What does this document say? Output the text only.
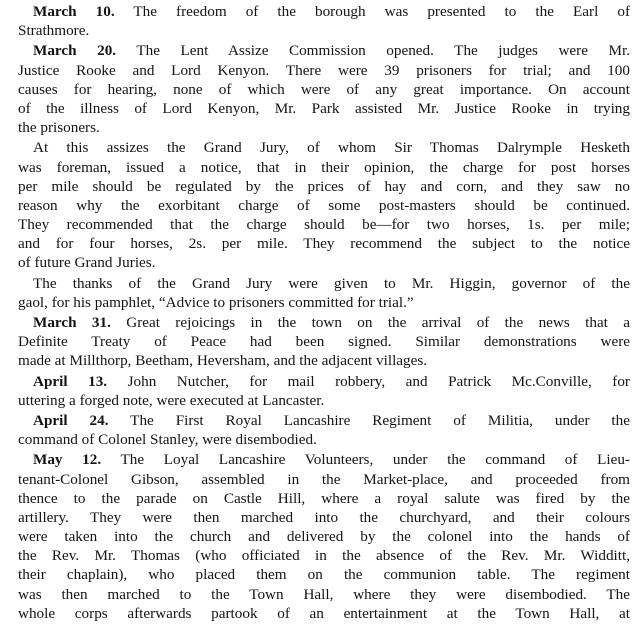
March 10. The freedom of the borough was presented to the Earl of
Strathmore.
March 20. The Lent Assize Commission opened. The judges were Mr.
Justice Rooke and Lord Kenyon. There were 39 prisoners for trial; and 100
causes for hearing, none of which were of any great importance. On account
of the illness of Lord Kenyon, Mr. Park assisted Mr. Justice Rooke in trying
the prisoners.
At this assizes the Grand Jury, of whom Sir Thomas Dalrymple Hesketh
was foreman, issued a notice, that in their opinion, the charge for post horses
per mile should be regulated by the prices of hay and corn, and they saw no
reason why the exorbitant charge of some post-masters should be continued.
They recommended that the charge should be—for two horses, 1s. per mile;
and for four horses, 2s. per mile. They recommend the subject to the notice
of future Grand Juries.
The thanks of the Grand Jury were given to Mr. Higgin, governor of the
gaol, for his pamphlet, “Advice to prisoners committed for trial.”
March 31. Great rejoicings in the town on the arrival of the news that a
Definite Treaty of Peace had been signed. Similar demonstrations were
made at Millthorp, Beetham, Heversham, and the adjacent villages.
April 13. John Nutcher, for mail robbery, and Patrick Mc.Conville, for
uttering a forged note, were executed at Lancaster.
April 24. The First Royal Lancashire Regiment of Militia, under the
command of Colonel Stanley, were disembodied.
May 12. The Loyal Lancashire Volunteers, under the command of Lieu-
tenant-Colonel Gibson, assembled in the Market-place, and proceeded from
thence to the parade on Castle Hill, where a royal salute was fired by the
artillery. They were then marched into the churchyard, and their colours
were taken into the church and delivered by the colonel into the hands of
the Rev. Mr. Thomas (who officiated in the absence of the Rev. Mr. Widditt,
their chaplain), who placed them on the communion table. The regiment
was then marched to the Town Hall, where they were disembodied. The
whole corps afterwards partook of an entertainment at the Town Hall, at
